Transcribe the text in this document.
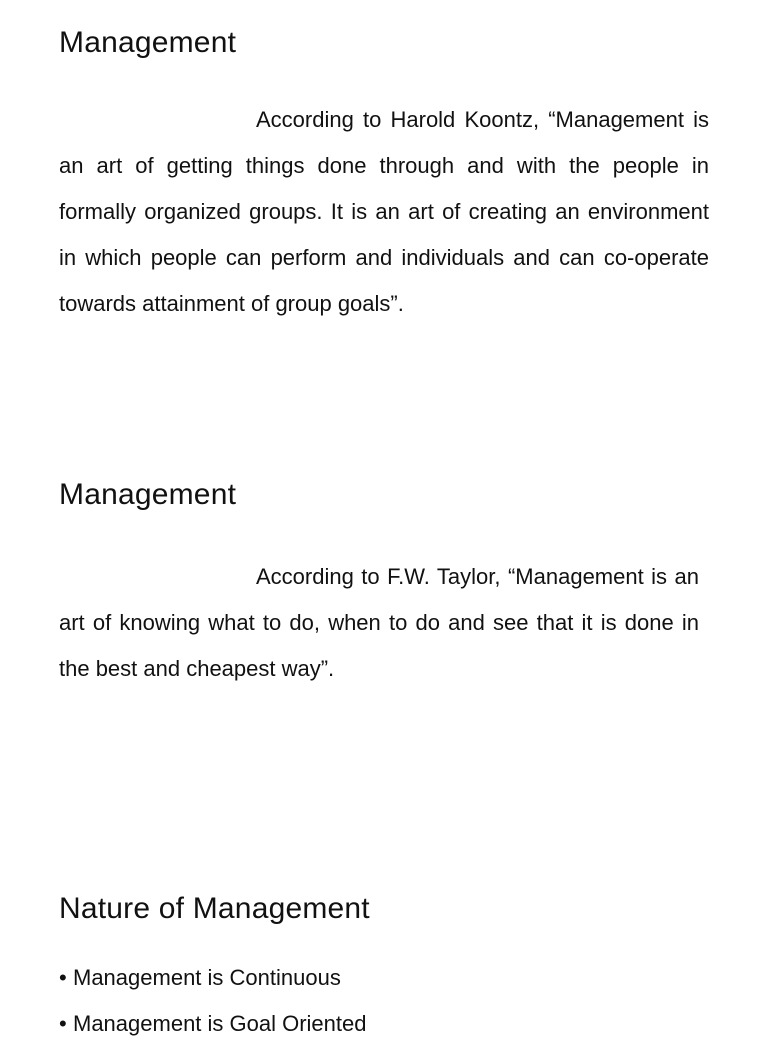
Management

According to Harold Koontz, “Management is an art of getting things done through and with the people in formally organized groups. It is an art of creating an environment in which people can perform and individuals and can co-operate towards attainment of group goals”.

Management

According to F.W. Taylor, “Management is an art of knowing what to do, when to do and see that it is done in the best and cheapest way”.

Nature of Management
• Management is Continuous
• Management is Goal Oriented
